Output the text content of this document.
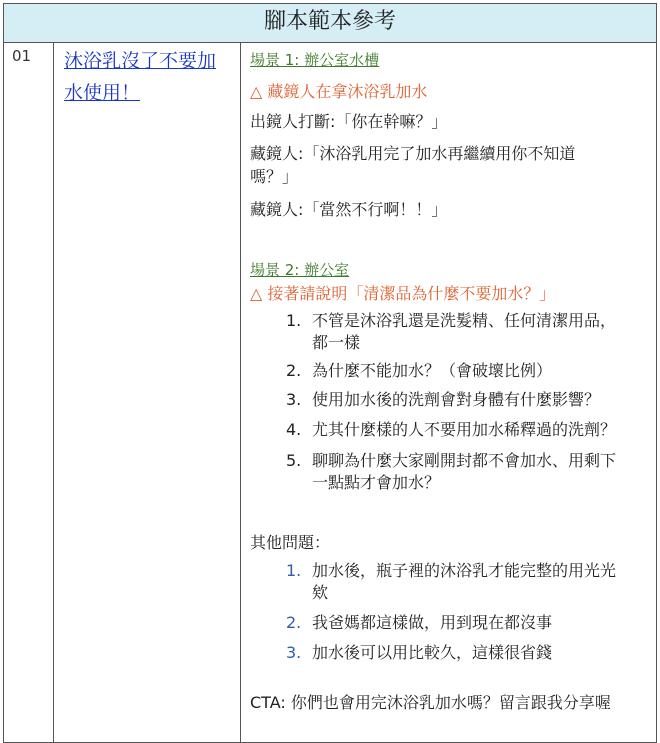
腳本範本參考
01 沐浴乳沒了不要加
水使用！
場景 1: 辦公室水槽
△ 藏鏡人在拿沐浴乳加水
出鏡人打斷:「你在幹嘛？」
藏鏡人:「沐浴乳用完了加水再繼續用你不知道
嗎？」
藏鏡人:「當然不行啊！！」
場景 2: 辦公室
△ 接著請說明「清潔品為什麼不要加水？」
1. 不管是沐浴乳還是洗髮精、任何清潔用品，
都一樣
2. 為什麼不能加水？（會破壞比例）
3. 使用加水後的洗劑會對身體有什麼影響？
4. 尤其什麼樣的人不要用加水稀釋過的洗劑？
5. 聊聊為什麼大家剛開封都不會加水、用剩下
一點點才會加水？
其他問題：
1. 加水後，瓶子裡的沐浴乳才能完整的用光光
欸
2. 我爸媽都這樣做，用到現在都沒事
3. 加水後可以用比較久，這樣很省錢
CTA: 你們也會用完沐浴乳加水嗎？留言跟我分享喔
